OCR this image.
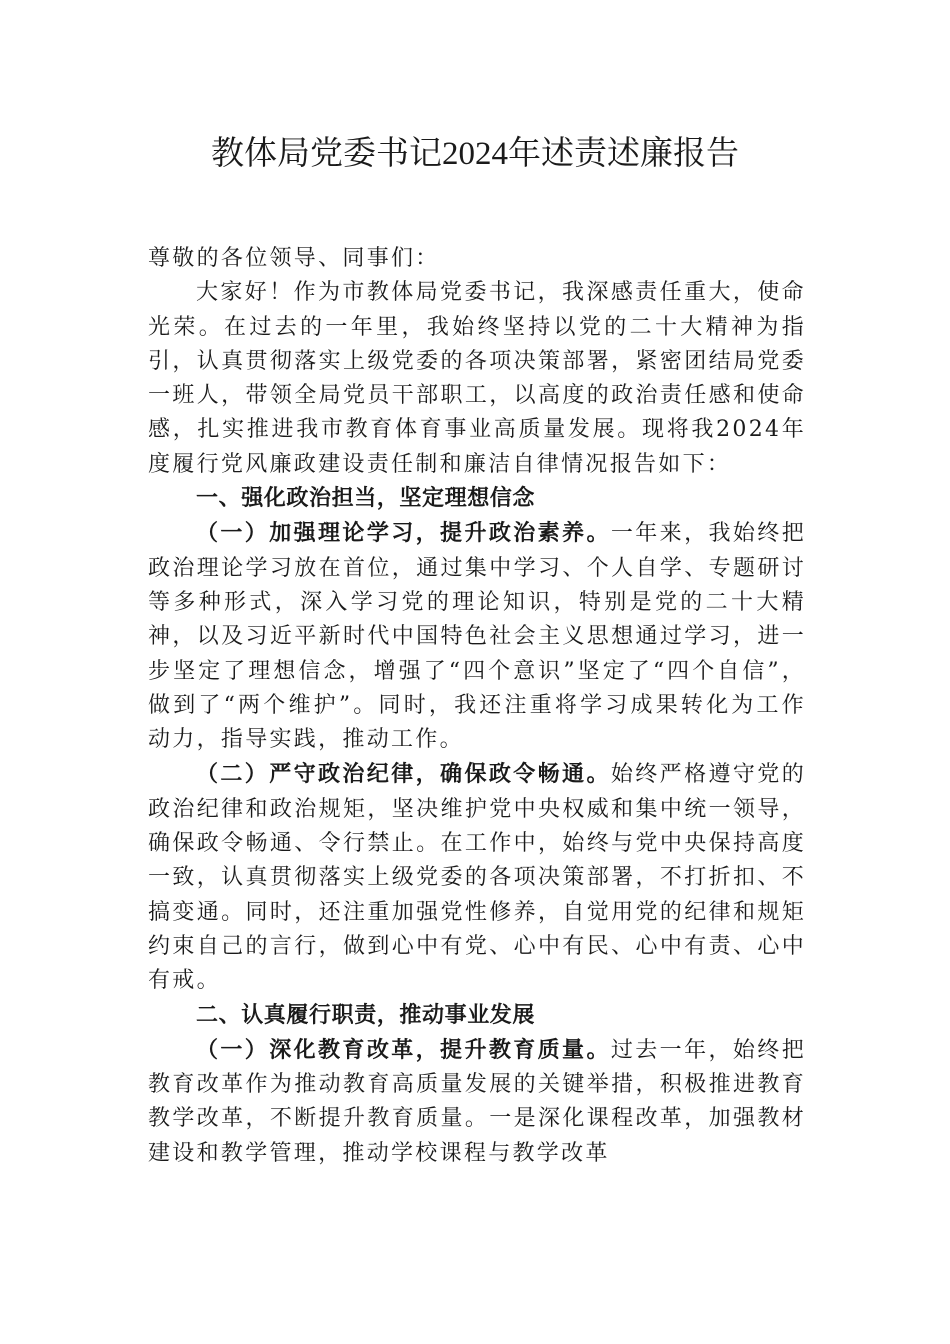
教体局党委书记2024年述责述廉报告

尊敬的各位领导、同事们：

大家好！作为市教体局党委书记，我深感责任重大，使命光荣。在过去的一年里，我始终坚持以党的二十大精神为指引，认真贯彻落实上级党委的各项决策部署，紧密团结局党委一班人，带领全局党员干部职工，以高度的政治责任感和使命感，扎实推进我市教育体育事业高质量发展。现将我2024年度履行党风廉政建设责任制和廉洁自律情况报告如下：

一、强化政治担当，坚定理想信念

（一）加强理论学习，提升政治素养。一年来，我始终把政治理论学习放在首位，通过集中学习、个人自学、专题研讨等多种形式，深入学习党的理论知识，特别是党的二十大精神，以及习近平新时代中国特色社会主义思想通过学习，进一步坚定了理想信念，增强了“四个意识”坚定了“四个自信”，做到了“两个维护”。同时，我还注重将学习成果转化为工作动力，指导实践，推动工作。

（二）严守政治纪律，确保政令畅通。始终严格遵守党的政治纪律和政治规矩，坚决维护党中央权威和集中统一领导，确保政令畅通、令行禁止。在工作中，始终与党中央保持高度一致，认真贯彻落实上级党委的各项决策部署，不打折扣、不搞变通。同时，还注重加强党性修养，自觉用党的纪律和规矩约束自己的言行，做到心中有党、心中有民、心中有责、心中有戒。

二、认真履行职责，推动事业发展

（一）深化教育改革，提升教育质量。过去一年，始终把教育改革作为推动教育高质量发展的关键举措，积极推进教育教学改革，不断提升教育质量。一是深化课程改革，加强教材建设和教学管理，推动学校课程与教学改革
